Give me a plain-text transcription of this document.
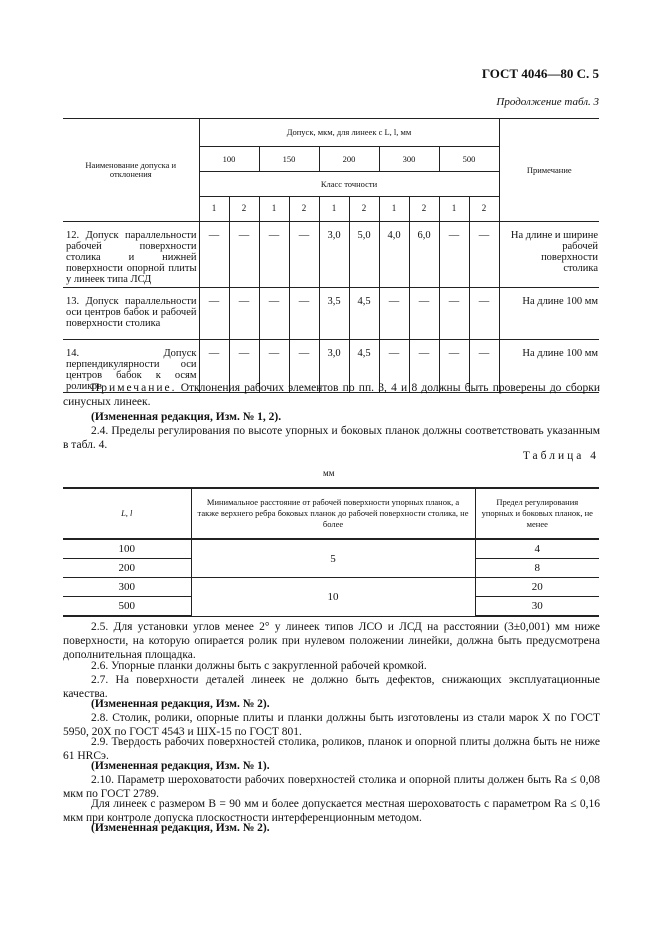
ГОСТ 4046—80 С. 5
Продолжение табл. 3
Наименование допуска и отклонения	Допуск, мкм, для линеек с L, l, мм										Примечание
	100		150		200		300		500		
	Класс точности										
	1	2	1	2	1	2	1	2	1	2	
12. Допуск параллельности рабочей поверхности столика и нижней поверхности опорной плиты у линеек типа ЛСД	—	—	—	—	3,0	5,0	4,0	6,0	—	—	На длине и ширине рабочей поверхности столика
13. Допуск параллельности оси центров бабок и рабочей поверхности столика	—	—	—	—	3,5	4,5	—	—	—	—	На длине 100 мм
14. Допуск перпендикулярности оси центров бабок к осям роликов	—	—	—	—	3,0	4,5	—	—	—	—	На длине 100 мм

Примечание. Отклонения рабочих элементов по пп. 3, 4 и 8 должны быть проверены до сборки синусных линеек.

(Измененная редакция, Изм. № 1, 2).

2.4. Пределы регулирования по высоте упорных и боковых планок должны соответствовать указанным в табл. 4.

Таблица 4
мм
L, l	Минимальное расстояние от рабочей поверхности упорных планок, а также верхнего ребра боковых планок до рабочей поверхности столика, не более	Предел регулирования упорных и боковых планок, не менее
100	5	4
200		8
300	10	20
500		30

2.5. Для установки углов менее 2° у линеек типов ЛСО и ЛСД на расстоянии (3±0,001) мм ниже поверхности, на которую опирается ролик при нулевом положении линейки, должна быть предусмотрена дополнительная площадка.

2.6. Упорные планки должны быть с закругленной рабочей кромкой.

2.7. На поверхности деталей линеек не должно быть дефектов, снижающих эксплуатационные качества.

(Измененная редакция, Изм. № 2).

2.8. Столик, ролики, опорные плиты и планки должны быть изготовлены из стали марок Х по ГОСТ 5950, 20Х по ГОСТ 4543 и ШХ-15 по ГОСТ 801.

2.9. Твердость рабочих поверхностей столика, роликов, планок и опорной плиты должна быть не ниже 61 HRCэ.

(Измененная редакция, Изм. № 1).

2.10. Параметр шероховатости рабочих поверхностей столика и опорной плиты должен быть Ra ≤ 0,08 мкм по ГОСТ 2789.

Для линеек с размером B = 90 мм и более допускается местная шероховатость с параметром Ra ≤ 0,16 мкм при контроле допуска плоскостности интерференционным методом.

(Измененная редакция, Изм. № 2).
